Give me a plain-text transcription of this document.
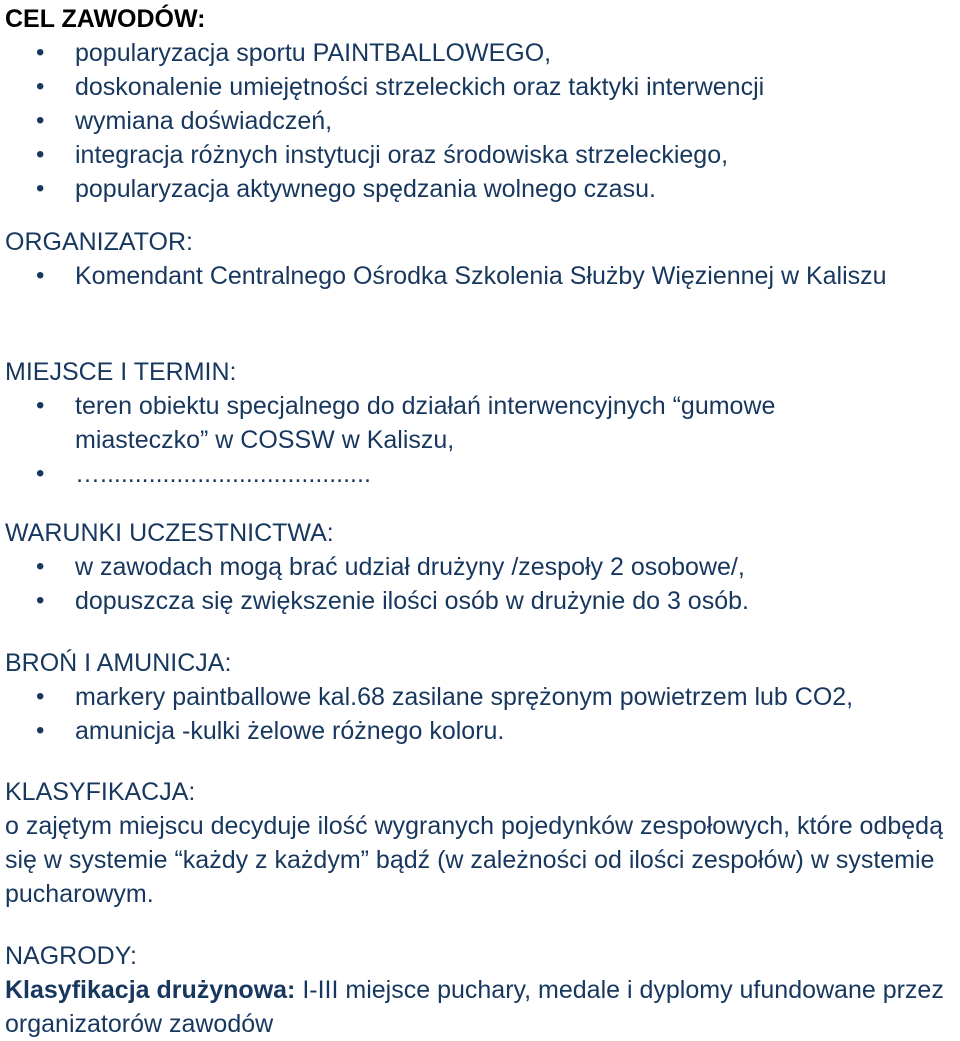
CEL ZAWODÓW:
• popularyzacja sportu PAINTBALLOWEGO,
• doskonalenie umiejętności strzeleckich oraz taktyki interwencji
• wymiana doświadczeń,
• integracja różnych instytucji oraz środowiska strzeleckiego,
• popularyzacja aktywnego spędzania wolnego czasu.
ORGANIZATOR:
• Komendant Centralnego Ośrodka Szkolenia Służby Więziennej w Kaliszu
MIEJSCE I TERMIN:
• teren obiektu specjalnego do działań interwencyjnych “gumowe miasteczko” w COSSW w Kaliszu,
• ….......................................
WARUNKI UCZESTNICTWA:
• w zawodach mogą brać udział drużyny /zespoły 2 osobowe/,
• dopuszcza się zwiększenie ilości osób w drużynie do 3 osób.
BROŃ I AMUNICJA:
• markery paintballowe kal.68 zasilane sprężonym powietrzem lub CO2,
• amunicja -kulki żelowe różnego koloru.
KLASYFIKACJA:

o zajętym miejscu decyduje ilość wygranych pojedynków zespołowych, które odbędą się w systemie “każdy z każdym” bądź (w zależności od ilości zespołów) w systemie pucharowym.

NAGRODY:

Klasyfikacja drużynowa: I-III miejsce puchary, medale i dyplomy ufundowane przez organizatorów zawodów
